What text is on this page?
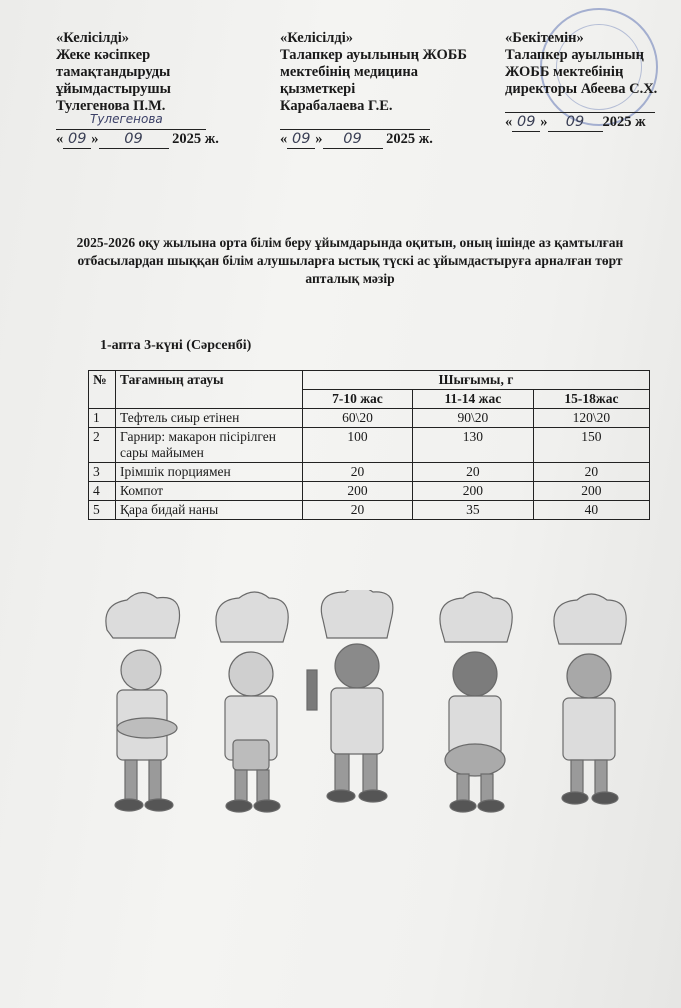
«Келісілді»
Жеке кәсіпкер
тамақтандыруды
ұйымдастырушы
Тулегенова П.М.
Тулегенова
« 09 » 09 2025 ж.
«Келісілді»
Талапкер ауылының ЖОББ
мектебінің медицина
қызметкері
Карабалаева Г.Е.
« 09 » 09 2025 ж.
«Бекітемін»
Талапкер ауылының
ЖОББ мектебінің
директоры Абеева С.Х.
« 09 » 09 2025 ж
2025-2026 оқу жылына орта білім беру ұйымдарында оқитын, оның ішінде аз қамтылған отбасылардан шыққан білім алушыларға ыстық түскі ас ұйымдастыруға арналған төрт апталық мәзір
1-апта 3-күні (Сәрсенбі)
№	Тағамның атауы	Шығымы, г		
		7-10 жас	11-14 жас	15-18жас
1	Тефтель сиыр етінен	60\20	90\20	120\20
2	Гарнир: макарон пісірілген сары майымен	100	130	150
3	Ірімшік порциямен	20	20	20
4	Компот	200	200	200
5	Қара бидай наны	20	35	40
